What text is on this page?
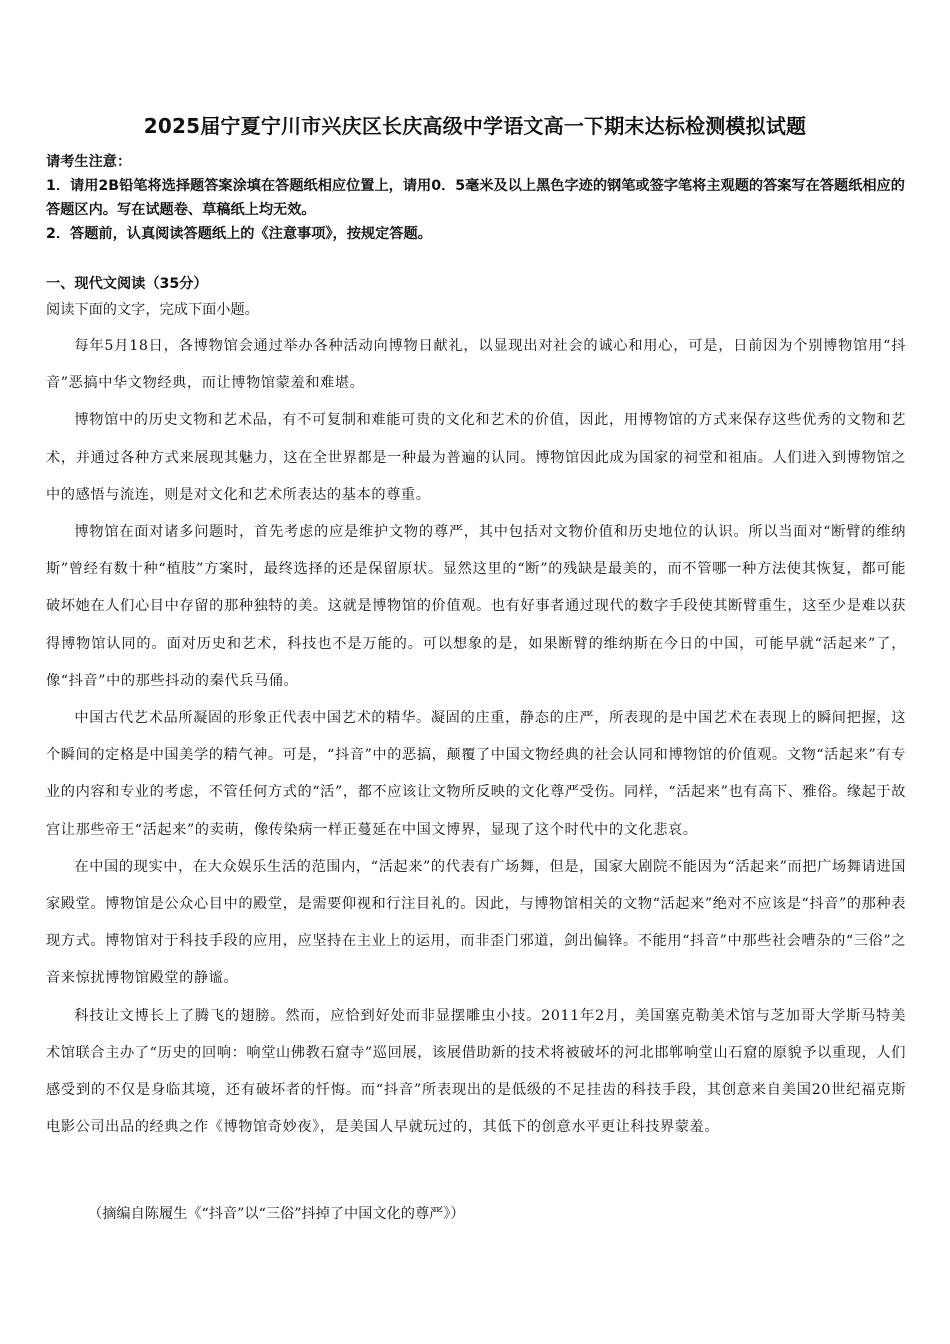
2025届宁夏宁川市兴庆区长庆高级中学语文高一下期末达标检测模拟试题

请考生注意：

1．请用2B铅笔将选择题答案涂填在答题纸相应位置上，请用0．5毫米及以上黑色字迹的钢笔或签字笔将主观题的答案写在答题纸相应的答题区内。写在试题卷、草稿纸上均无效。

2．答题前，认真阅读答题纸上的《注意事项》，按规定答题。

一、现代文阅读（35分）
阅读下面的文字，完成下面小题。

每年5月18日，各博物馆会通过举办各种活动向博物日献礼，以显现出对社会的诚心和用心，可是，日前因为个别博物馆用“抖音”恶搞中华文物经典，而让博物馆蒙羞和难堪。

博物馆中的历史文物和艺术品，有不可复制和难能可贵的文化和艺术的价值，因此，用博物馆的方式来保存这些优秀的文物和艺术，并通过各种方式来展现其魅力，这在全世界都是一种最为普遍的认同。博物馆因此成为国家的祠堂和祖庙。人们进入到博物馆之中的感悟与流连，则是对文化和艺术所表达的基本的尊重。

博物馆在面对诸多问题时，首先考虑的应是维护文物的尊严，其中包括对文物价值和历史地位的认识。所以当面对“断臂的维纳斯”曾经有数十种“植肢”方案时，最终选择的还是保留原状。显然这里的“断”的残缺是最美的，而不管哪一种方法使其恢复，都可能破坏她在人们心目中存留的那种独特的美。这就是博物馆的价值观。也有好事者通过现代的数字手段使其断臂重生，这至少是难以获得博物馆认同的。面对历史和艺术，科技也不是万能的。可以想象的是，如果断臂的维纳斯在今日的中国，可能早就“活起来”了，像“抖音”中的那些抖动的秦代兵马俑。

中国古代艺术品所凝固的形象正代表中国艺术的精华。凝固的庄重，静态的庄严，所表现的是中国艺术在表现上的瞬间把握，这个瞬间的定格是中国美学的精气神。可是，“抖音”中的恶搞，颠覆了中国文物经典的社会认同和博物馆的价值观。文物“活起来”有专业的内容和专业的考虑，不管任何方式的“活”，都不应该让文物所反映的文化尊严受伤。同样，“活起来”也有高下、雅俗。缘起于故宫让那些帝王“活起来”的卖萌，像传染病一样正蔓延在中国文博界，显现了这个时代中的文化悲哀。

在中国的现实中，在大众娱乐生活的范围内，“活起来”的代表有广场舞，但是，国家大剧院不能因为“活起来”而把广场舞请进国家殿堂。博物馆是公众心目中的殿堂，是需要仰视和行注目礼的。因此，与博物馆相关的文物“活起来”绝对不应该是“抖音”的那种表现方式。博物馆对于科技手段的应用，应坚持在主业上的运用，而非歪门邪道，剑出偏锋。不能用“抖音”中那些社会嘈杂的“三俗”之音来惊扰博物馆殿堂的静谧。

科技让文博长上了腾飞的翅膀。然而，应恰到好处而非显摆雕虫小技。2011年2月，美国塞克勒美术馆与芝加哥大学斯马特美术馆联合主办了“历史的回响：响堂山佛教石窟寺”巡回展，该展借助新的技术将被破坏的河北邯郸响堂山石窟的原貌予以重现，人们感受到的不仅是身临其境，还有破坏者的忏悔。而“抖音”所表现出的是低级的不足挂齿的科技手段，其创意来自美国20世纪福克斯电影公司出品的经典之作《博物馆奇妙夜》，是美国人早就玩过的，其低下的创意水平更让科技界蒙羞。

（摘编自陈履生《“抖音”以“三俗”抖掉了中国文化的尊严》）
